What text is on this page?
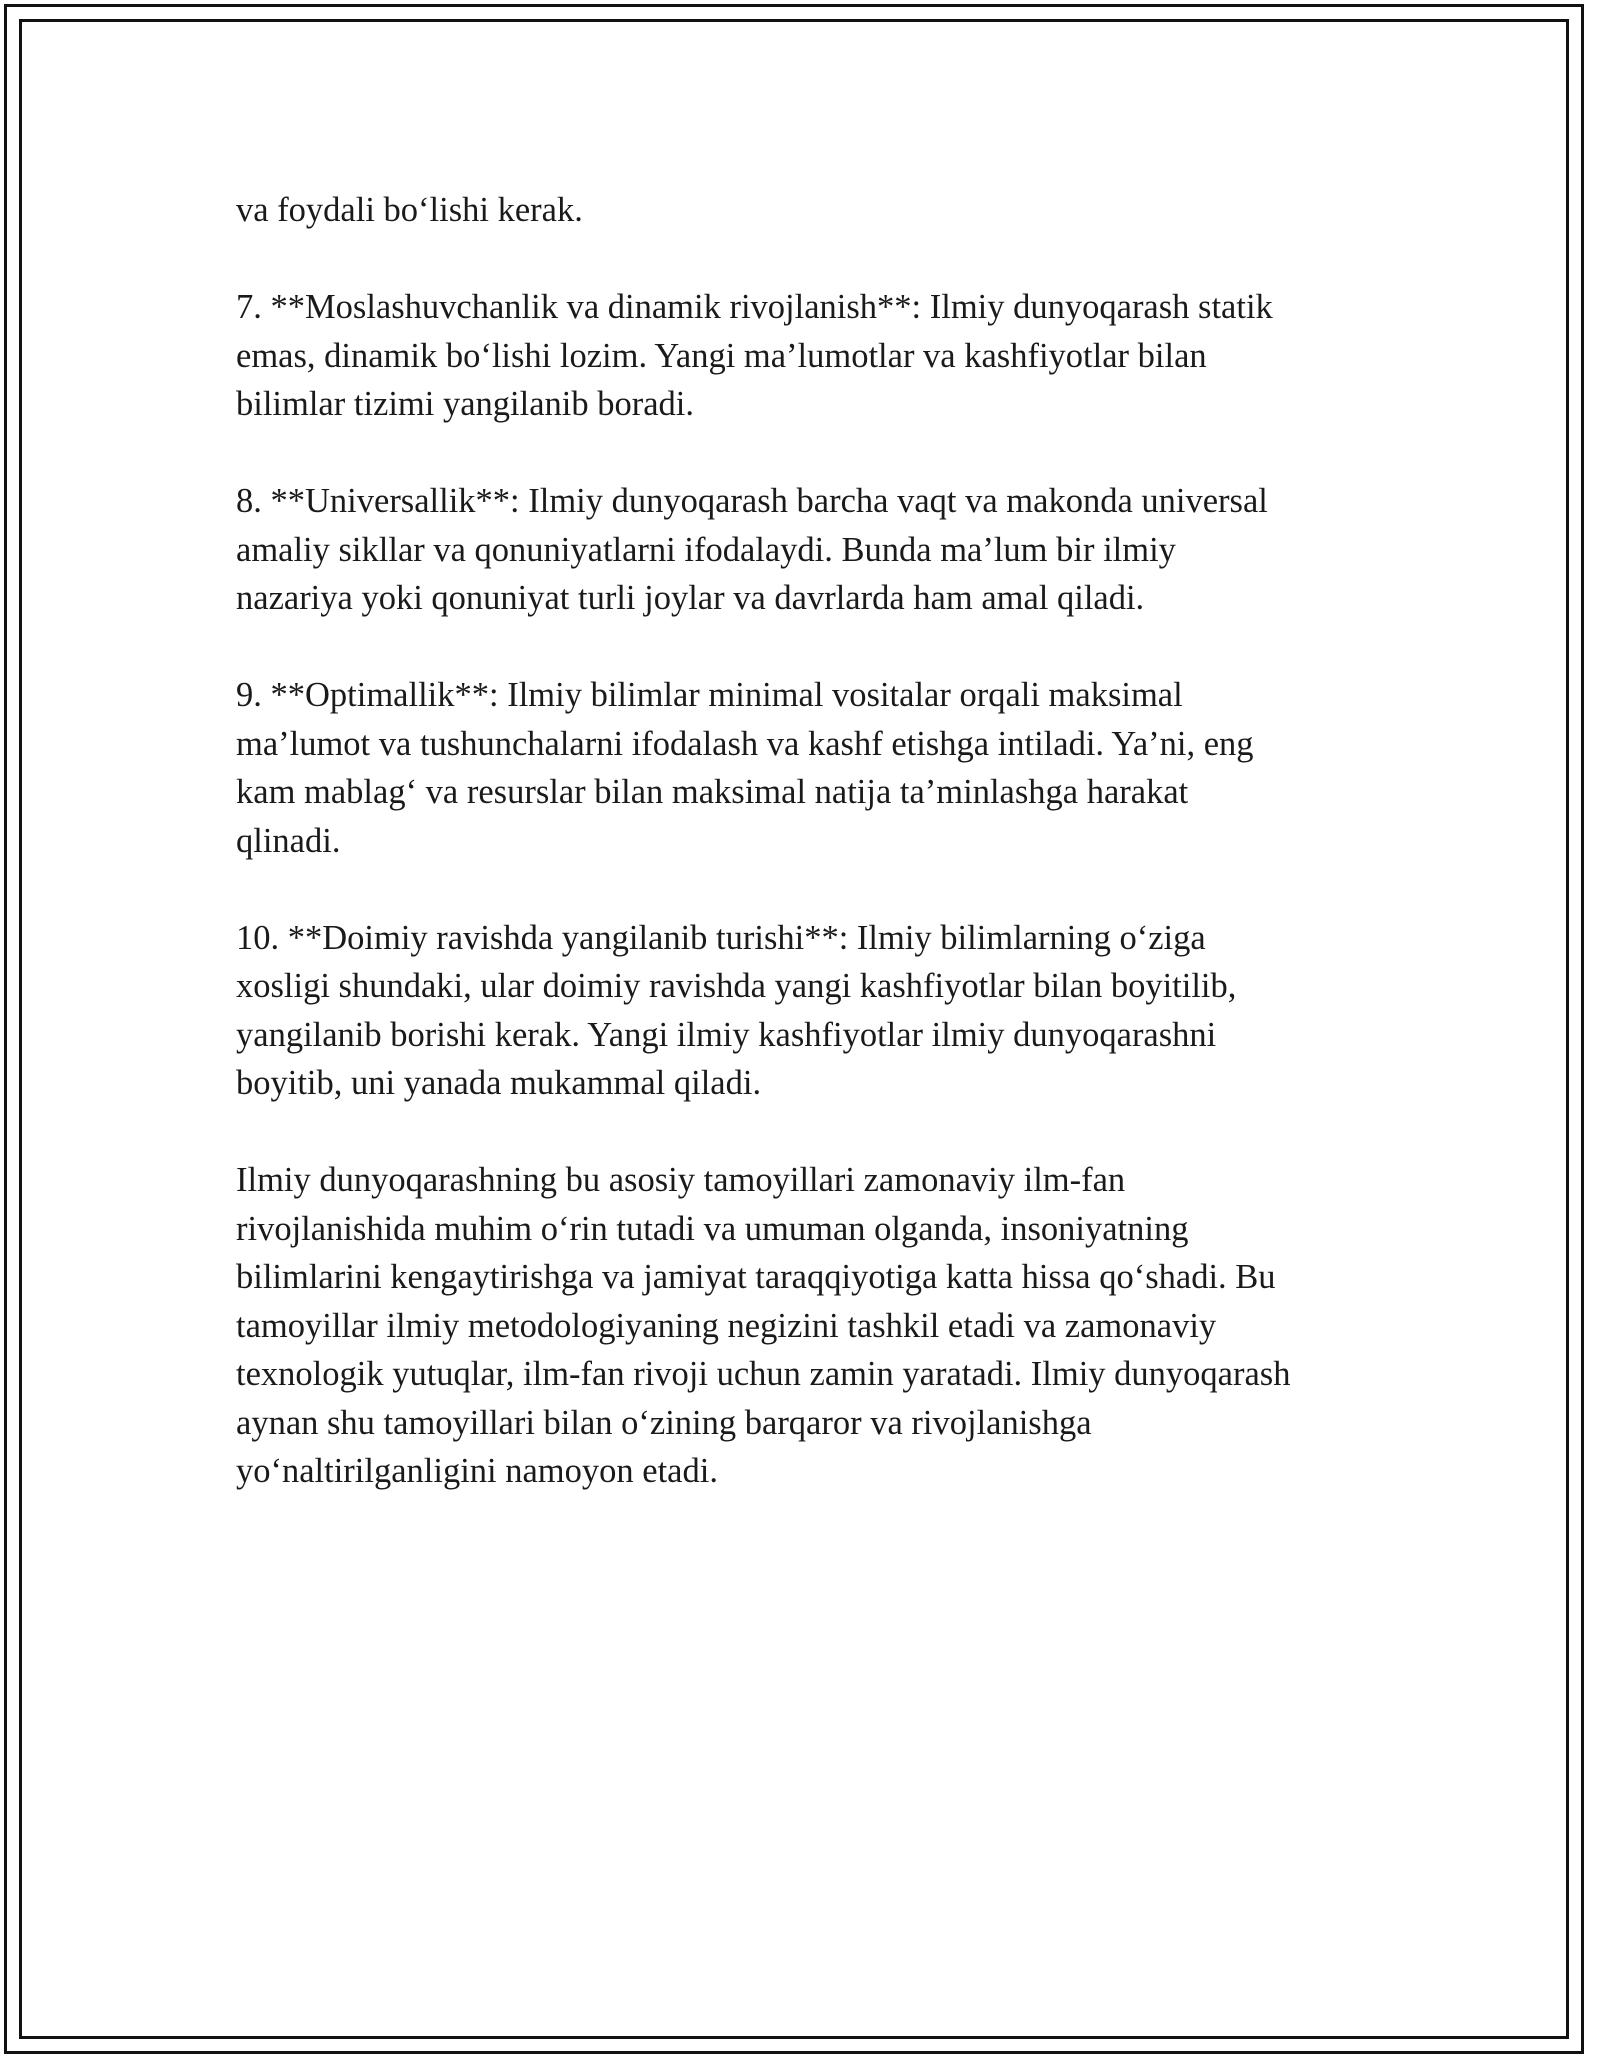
va foydali bo‘lishi kerak.

7. **Moslashuvchanlik va dinamik rivojlanish**: Ilmiy dunyoqarash statik
emas, dinamik bo‘lishi lozim. Yangi ma’lumotlar va kashfiyotlar bilan
bilimlar tizimi yangilanib boradi.

8. **Universallik**: Ilmiy dunyoqarash barcha vaqt va makonda universal
amaliy sikllar va qonuniyatlarni ifodalaydi. Bunda ma’lum bir ilmiy
nazariya yoki qonuniyat turli joylar va davrlarda ham amal qiladi.

9. **Optimallik**: Ilmiy bilimlar minimal vositalar orqali maksimal
ma’lumot va tushunchalarni ifodalash va kashf etishga intiladi. Ya’ni, eng
kam mablag‘ va resurslar bilan maksimal natija ta’minlashga harakat
qlinadi.

10. **Doimiy ravishda yangilanib turishi**: Ilmiy bilimlarning o‘ziga
xosligi shundaki, ular doimiy ravishda yangi kashfiyotlar bilan boyitilib,
yangilanib borishi kerak. Yangi ilmiy kashfiyotlar ilmiy dunyoqarashni
boyitib, uni yanada mukammal qiladi.

Ilmiy dunyoqarashning bu asosiy tamoyillari zamonaviy ilm-fan
rivojlanishida muhim o‘rin tutadi va umuman olganda, insoniyatning
bilimlarini kengaytirishga va jamiyat taraqqiyotiga katta hissa qo‘shadi. Bu
tamoyillar ilmiy metodologiyaning negizini tashkil etadi va zamonaviy
texnologik yutuqlar, ilm-fan rivoji uchun zamin yaratadi. Ilmiy dunyoqarash
aynan shu tamoyillari bilan o‘zining barqaror va rivojlanishga
yo‘naltirilganligini namoyon etadi.
